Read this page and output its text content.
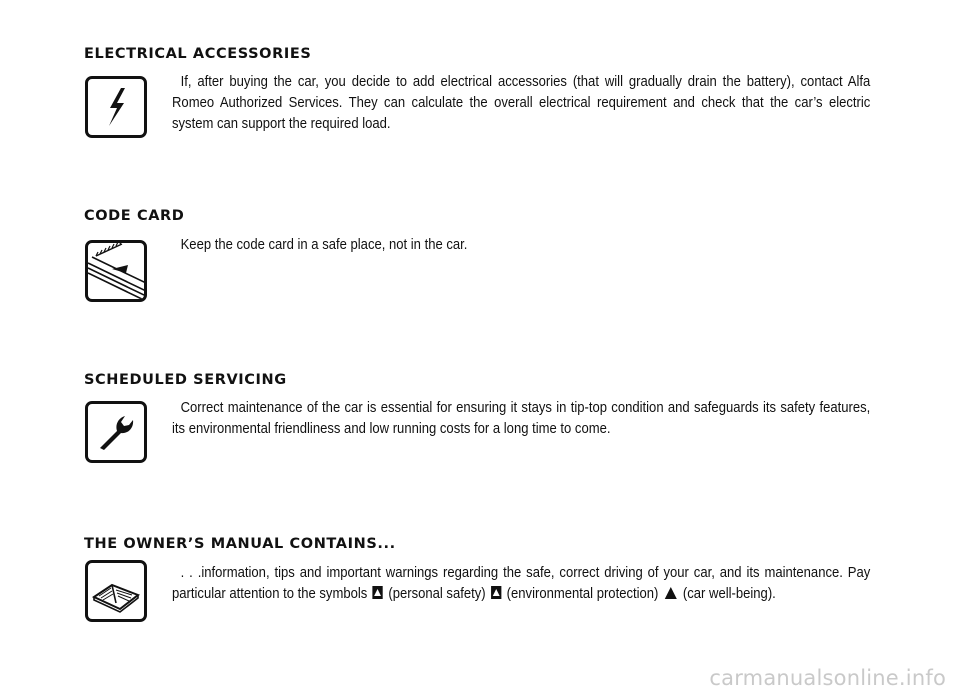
ELECTRICAL ACCESSORIES

If, after buying the car, you decide to add electrical accessories (that will gradually drain the battery), contact Alfa Romeo Authorized Services. They can calculate the overall electrical requirement and check that the car’s electric system can support the required load.

CODE CARD

Keep the code card in a safe place, not in the car.

SCHEDULED SERVICING

Correct maintenance of the car is essential for ensuring it stays in tip-top condition and safeguards its safety features, its environmental friendliness and low running costs for a long time to come.

THE OWNER’S MANUAL CONTAINS...

. . .information, tips and important warnings regarding the safe, correct driving of your car, and its maintenance. Pay particular attention to the symbols (personal safety) (environmental protection) (car well-being).

carmanualsonline.info
